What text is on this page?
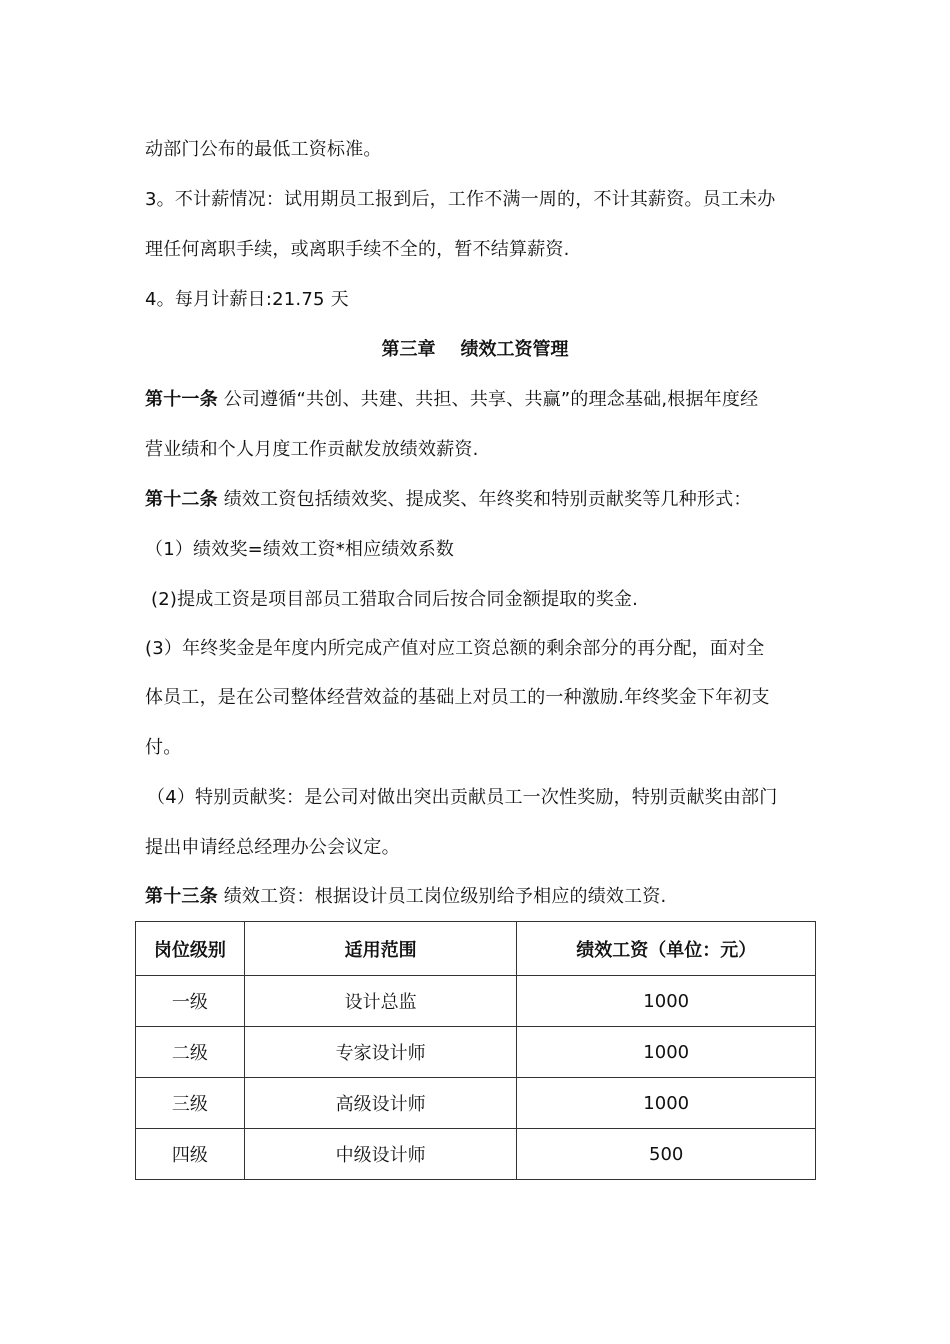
动部门公布的最低工资标准。
3。不计薪情况：试用期员工报到后，工作不满一周的，不计其薪资。员工未办
理任何离职手续，或离职手续不全的，暂不结算薪资.
4。每月计薪日:21.75 天
第三章    绩效工资管理
第十一条 公司遵循“共创、共建、共担、共享、共赢”的理念基础,根据年度经
营业绩和个人月度工作贡献发放绩效薪资.
第十二条 绩效工资包括绩效奖、提成奖、年终奖和特别贡献奖等几种形式：
（1）绩效奖=绩效工资*相应绩效系数
(2)提成工资是项目部员工猎取合同后按合同金额提取的奖金.
(3）年终奖金是年度内所完成产值对应工资总额的剩余部分的再分配，面对全
体员工，是在公司整体经营效益的基础上对员工的一种激励.年终奖金下年初支
付。
（4）特别贡献奖：是公司对做出突出贡献员工一次性奖励，特别贡献奖由部门
提出申请经总经理办公会议定。
第十三条 绩效工资：根据设计员工岗位级别给予相应的绩效工资.
岗位级别	适用范围	绩效工资（单位：元）
一级	设计总监	1000
二级	专家设计师	1000
三级	高级设计师	1000
四级	中级设计师	500
